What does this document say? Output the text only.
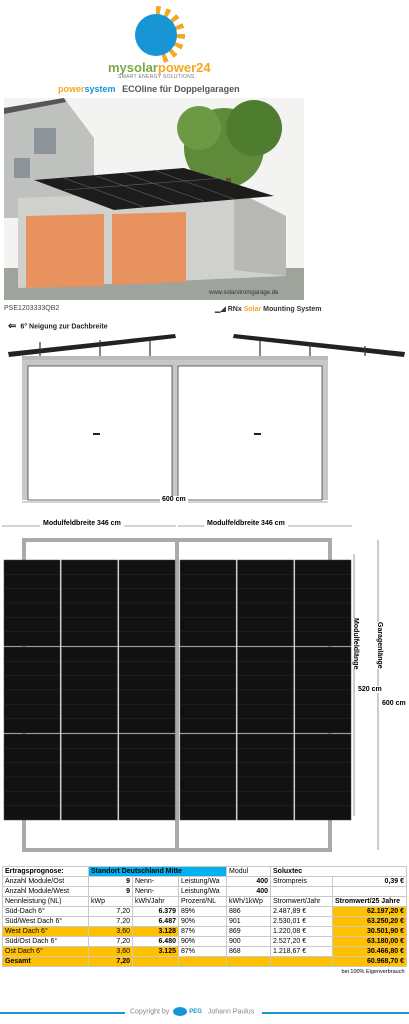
mysolarpower24
SMART ENERGY SOLUTIONS
powersystem ECOline für Doppelgaragen
www.solarstromgarage.de
PSE1203333QB2	▁◢ RNx Solar Mounting System
⇐ 6° Neigung zur Dachbreite
600 cm
Modulfeldbreite 346 cm	Modulfeldbreite 346 cm
Modulfeldlänge Garagenlänge
520 cm
600 cm
Ertragsprognose:	Standort Deutschland Mitte			Modul	Soluxtec	
Anzahl Module/Ost	9	Nenn-	Leistung/Wa	400	Strompreis	0,39 €
Anzahl Module/West	9	Nenn-	Leistung/Wa	400		
Nennleistung (NL)	kWp	kWh/Jahr	Prozent/NL	kWh/1kWp	Stromwert/Jahr	Stromwert/25 Jahre
Süd-Dach 6°	7,20	6.379	89%	886	2.487,89 €	62.197,20 €
Süd/West Dach 6°	7,20	6.487	90%	901	2.530,01 €	63.250,20 €
West Dach 6°	3,60	3.128	87%	869	1.220,08 €	30.501,90 €
Süd/Ost Dach 6°	7,20	6.480	90%	900	2.527,20 €	63.180,00 €
Ost Dach 6°	3,60	3.125	87%	868	1.218,67 €	30.466,80 €
Gesamt	7,20					60.968,70 €
						bei 100% Eigenverbrauch
Copyright by	PEG Johann Paulus
